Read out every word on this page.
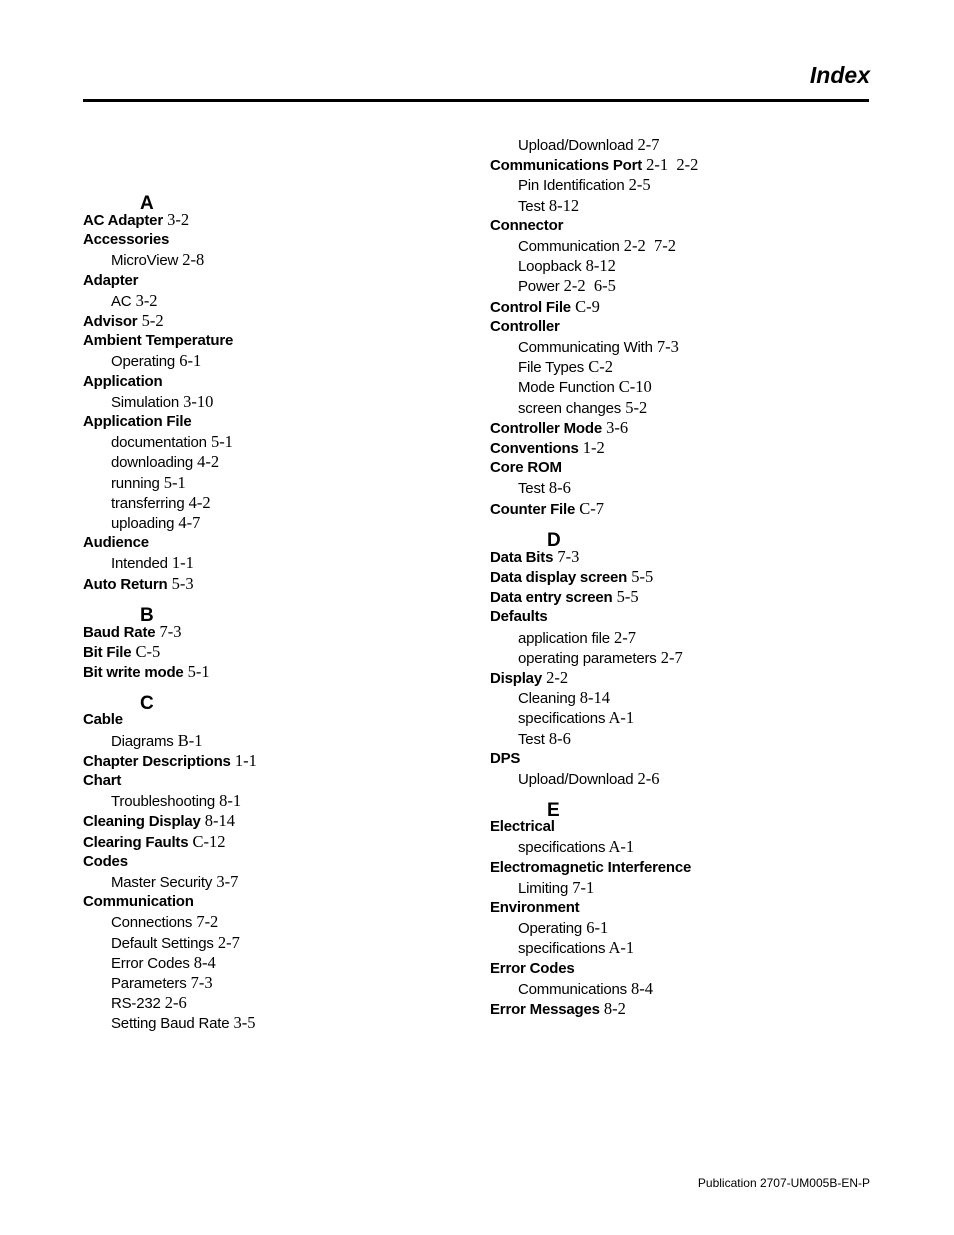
Index
A
AC Adapter 3-2
Accessories
MicroView 2-8
Adapter
AC 3-2
Advisor 5-2
Ambient Temperature
Operating 6-1
Application
Simulation 3-10
Application File
documentation 5-1
downloading 4-2
running 5-1
transferring 4-2
uploading 4-7
Audience
Intended 1-1
Auto Return 5-3
B
Baud Rate 7-3
Bit File C-5
Bit write mode 5-1
C
Cable
Diagrams B-1
Chapter Descriptions 1-1
Chart
Troubleshooting 8-1
Cleaning Display 8-14
Clearing Faults C-12
Codes
Master Security 3-7
Communication
Connections 7-2
Default Settings 2-7
Error Codes 8-4
Parameters 7-3
RS-232 2-6
Setting Baud Rate 3-5
Upload/Download 2-7
Communications Port 2-1  2-2
Pin Identification 2-5
Test 8-12
Connector
Communication 2-2  7-2
Loopback 8-12
Power 2-2  6-5
Control File C-9
Controller
Communicating With 7-3
File Types C-2
Mode Function C-10
screen changes 5-2
Controller Mode 3-6
Conventions 1-2
Core ROM
Test 8-6
Counter File C-7
D
Data Bits 7-3
Data display screen 5-5
Data entry screen 5-5
Defaults
application file 2-7
operating parameters 2-7
Display 2-2
Cleaning 8-14
specifications A-1
Test 8-6
DPS
Upload/Download 2-6
E
Electrical
specifications A-1
Electromagnetic Interference
Limiting 7-1
Environment
Operating 6-1
specifications A-1
Error Codes
Communications 8-4
Error Messages 8-2
Publication 2707-UM005B-EN-P
